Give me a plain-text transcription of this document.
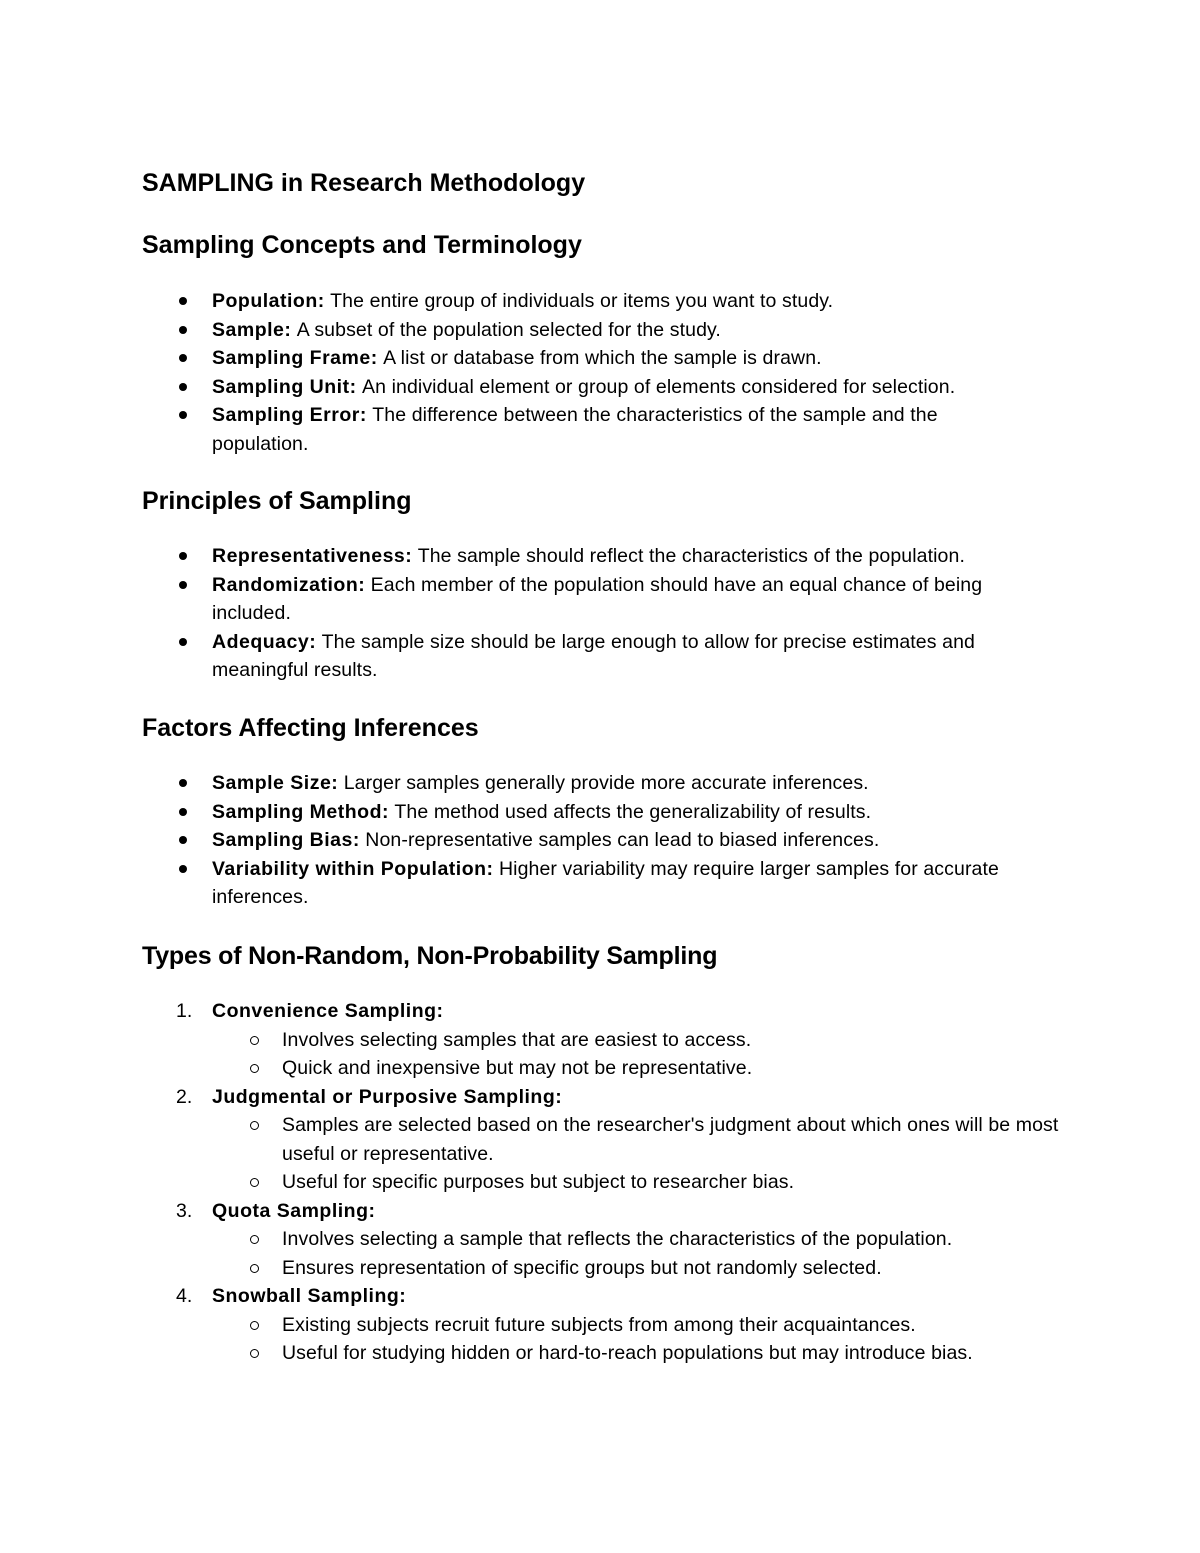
SAMPLING in Research Methodology
Sampling Concepts and Terminology
Population: The entire group of individuals or items you want to study.
Sample: A subset of the population selected for the study.
Sampling Frame: A list or database from which the sample is drawn.
Sampling Unit: An individual element or group of elements considered for selection.
Sampling Error: The difference between the characteristics of the sample and the population.
Principles of Sampling
Representativeness: The sample should reflect the characteristics of the population.
Randomization: Each member of the population should have an equal chance of being included.
Adequacy: The sample size should be large enough to allow for precise estimates and meaningful results.
Factors Affecting Inferences
Sample Size: Larger samples generally provide more accurate inferences.
Sampling Method: The method used affects the generalizability of results.
Sampling Bias: Non-representative samples can lead to biased inferences.
Variability within Population: Higher variability may require larger samples for accurate inferences.
Types of Non-Random, Non-Probability Sampling
1. Convenience Sampling:
Involves selecting samples that are easiest to access.
Quick and inexpensive but may not be representative.
2. Judgmental or Purposive Sampling:
Samples are selected based on the researcher's judgment about which ones will be most useful or representative.
Useful for specific purposes but subject to researcher bias.
3. Quota Sampling:
Involves selecting a sample that reflects the characteristics of the population.
Ensures representation of specific groups but not randomly selected.
4. Snowball Sampling:
Existing subjects recruit future subjects from among their acquaintances.
Useful for studying hidden or hard-to-reach populations but may introduce bias.
